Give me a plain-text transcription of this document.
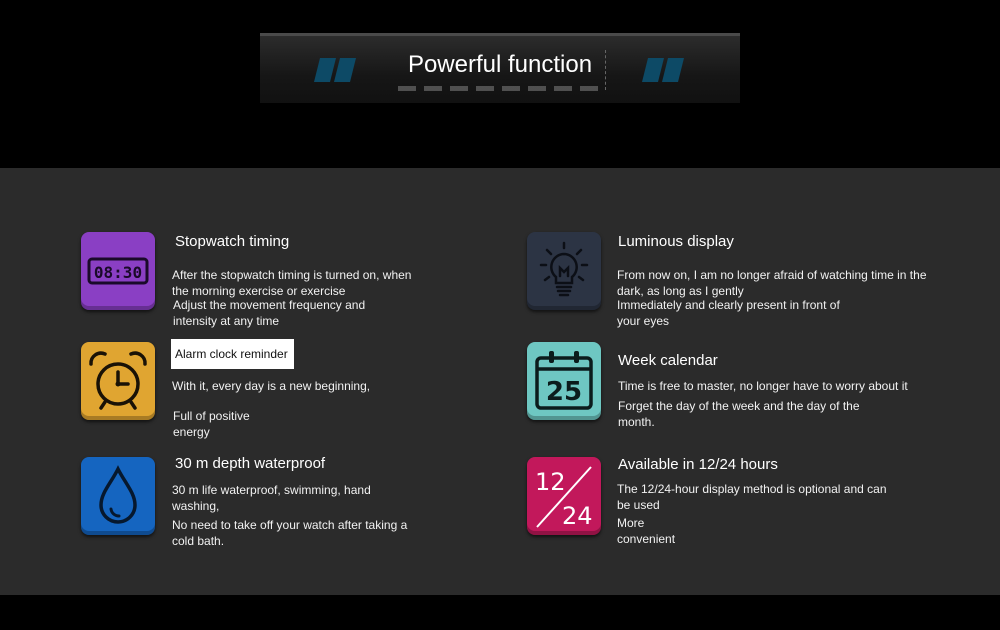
Powerful function
08:30
Stopwatch timing
After the stopwatch timing is turned on, when the morning exercise or exercise
Adjust the movement frequency and intensity at any time
Luminous display
From now on, I am no longer afraid of watching time in the dark, as long as I gently
Immediately and clearly present in front of your eyes
Alarm clock reminder
With it, every day is a new beginning,
Full of positive energy
25
Week calendar
Time is free to master, no longer have to worry about it
Forget the day of the week and the day of the month.
30 m depth waterproof
30 m life waterproof, swimming, hand washing,
No need to take off your watch after taking a cold bath.
12
24
Available in 12/24 hours
The 12/24-hour display method is optional and can be used
More convenient
